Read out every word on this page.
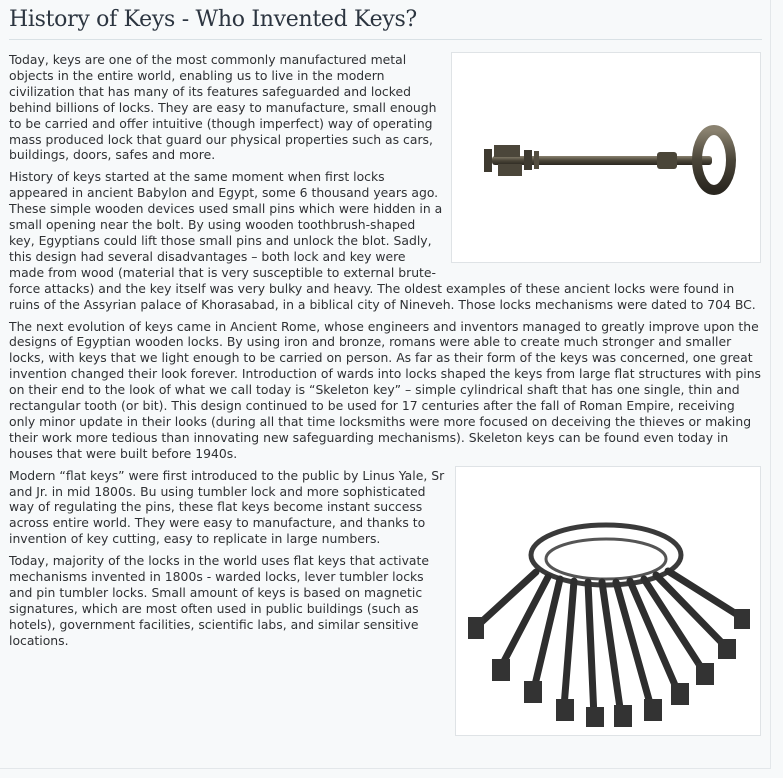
History of Keys - Who Invented Keys?

Today, keys are one of the most commonly manufactured metal objects in the entire world, enabling us to live in the modern civilization that has many of its features safeguarded and locked behind billions of locks. They are easy to manufacture, small enough to be carried and offer intuitive (though imperfect) way of operating mass produced lock that guard our physical properties such as cars, buildings, doors, safes and more.

History of keys started at the same moment when first locks appeared in ancient Babylon and Egypt, some 6 thousand years ago. These simple wooden devices used small pins which were hidden in a small opening near the bolt. By using wooden toothbrush-shaped key, Egyptians could lift those small pins and unlock the blot. Sadly, this design had several disadvantages – both lock and key were made from wood (material that is very susceptible to external brute-force attacks) and the key itself was very bulky and heavy. The oldest examples of these ancient locks were found in ruins of the Assyrian palace of Khorasabad, in a biblical city of Nineveh. Those locks mechanisms were dated to 704 BC.

The next evolution of keys came in Ancient Rome, whose engineers and inventors managed to greatly improve upon the designs of Egyptian wooden locks. By using iron and bronze, romans were able to create much stronger and smaller locks, with keys that we light enough to be carried on person. As far as their form of the keys was concerned, one great invention changed their look forever. Introduction of wards into locks shaped the keys from large flat structures with pins on their end to the look of what we call today is “Skeleton key” – simple cylindrical shaft that has one single, thin and rectangular tooth (or bit). This design continued to be used for 17 centuries after the fall of Roman Empire, receiving only minor update in their looks (during all that time locksmiths were more focused on deceiving the thieves or making their work more tedious than innovating new safeguarding mechanisms). Skeleton keys can be found even today in houses that were built before 1940s.

Modern “flat keys” were first introduced to the public by Linus Yale, Sr and Jr. in mid 1800s. Bu using tumbler lock and more sophisticated way of regulating the pins, these flat keys become instant success across entire world. They were easy to manufacture, and thanks to invention of key cutting, easy to replicate in large numbers.

Today, majority of the locks in the world uses flat keys that activate mechanisms invented in 1800s - warded locks, lever tumbler locks and pin tumbler locks. Small amount of keys is based on magnetic signatures, which are most often used in public buildings (such as hotels), government facilities, scientific labs, and similar sensitive locations.
